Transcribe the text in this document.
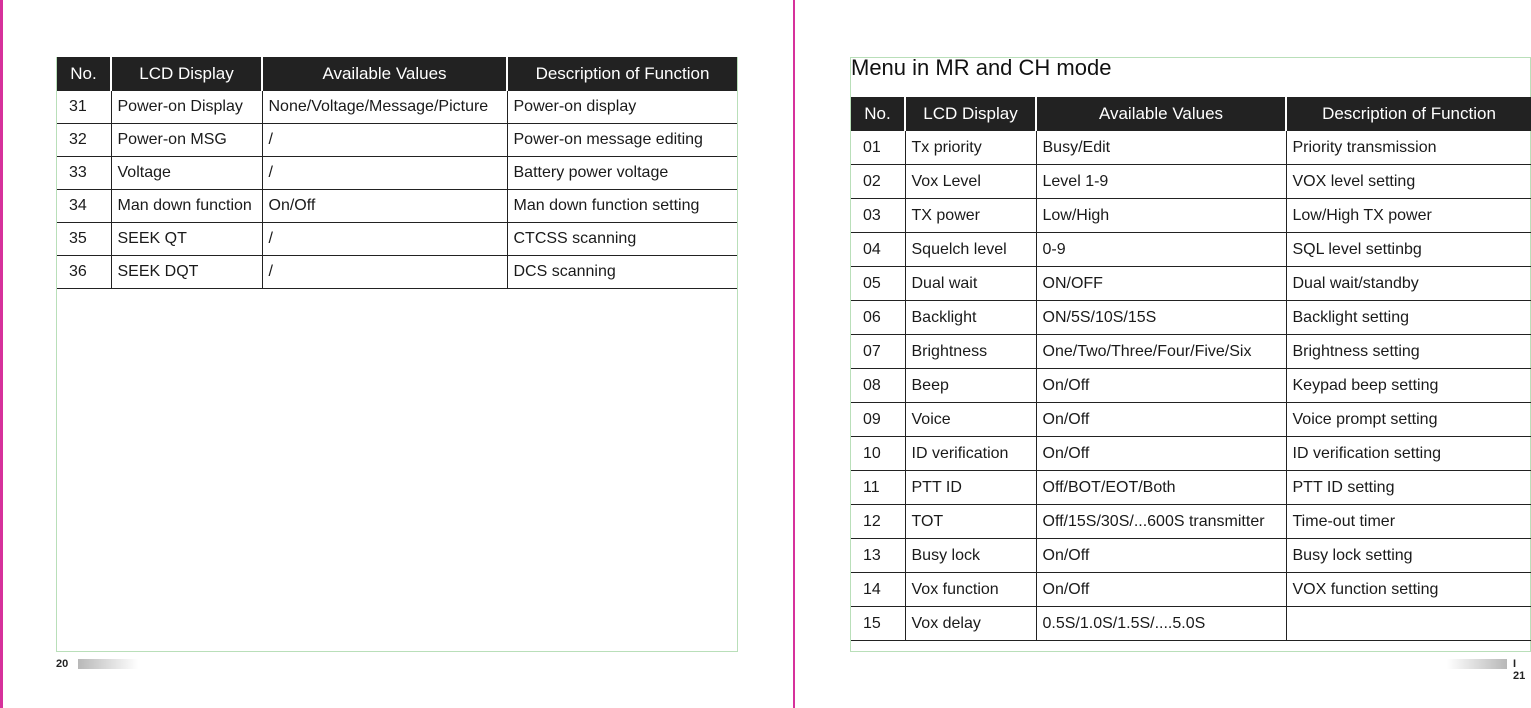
No.	LCD Display	Available Values	Description of Function
31	Power-on Display	None/Voltage/Message/Picture	Power-on display
32	Power-on MSG	/	Power-on message editing
33	Voltage	/	Battery power voltage
34	Man down function	On/Off	Man down function setting
35	SEEK QT	/	CTCSS scanning
36	SEEK DQT	/	DCS scanning
20
Menu in MR and CH mode
No.	LCD Display	Available Values	Description of Function
01	Tx priority	Busy/Edit	Priority transmission
02	Vox Level	Level 1-9	VOX level setting
03	TX power	Low/High	Low/High TX power
04	Squelch level	0-9	SQL level settinbg
05	Dual wait	ON/OFF	Dual wait/standby
06	Backlight	ON/5S/10S/15S	Backlight setting
07	Brightness	One/Two/Three/Four/Five/Six	Brightness setting
08	Beep	On/Off	Keypad beep setting
09	Voice	On/Off	Voice prompt setting
10	ID verification	On/Off	ID verification setting
11	PTT ID	Off/BOT/EOT/Both	PTT ID setting
12	TOT	Off/15S/30S/...600S transmitter	Time-out timer
13	Busy lock	On/Off	Busy lock setting
14	Vox function	On/Off	VOX function setting
15	Vox delay	0.5S/1.0S/1.5S/....5.0S	
I 21
